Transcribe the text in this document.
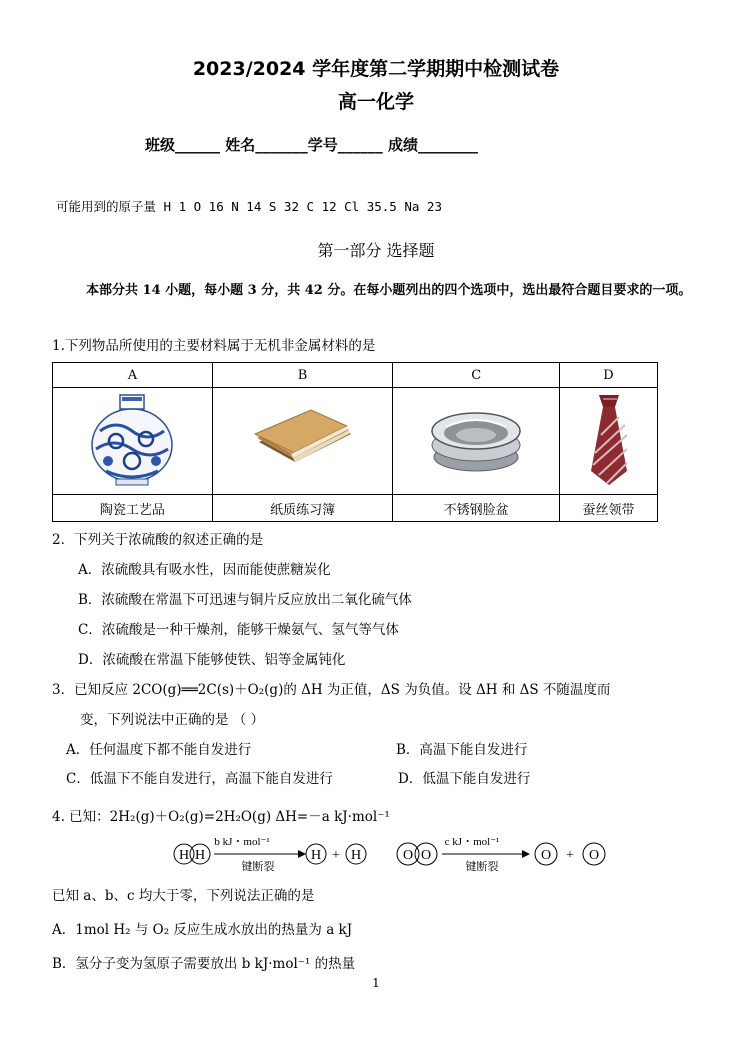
2023/2024 学年度第二学期期中检测试卷
高一化学
班级______ 姓名_______学号______ 成绩________
可能用到的原子量 H 1 O 16 N 14 S 32 C 12 Cl 35.5 Na 23
第一部分 选择题
本部分共 14 小题，每小题 3 分，共 42 分。在每小题列出的四个选项中，选出最符合题目要求的一项。
1.下列物品所使用的主要材料属于无机非金属材料的是
A	B	C	D

陶瓷工艺品	纸质练习簿	不锈钢脸盆	蚕丝领带
2．下列关于浓硫酸的叙述正确的是
A．浓硫酸具有吸水性，因而能使蔗糖炭化
B．浓硫酸在常温下可迅速与铜片反应放出二氧化硫气体
C．浓硫酸是一种干燥剂，能够干燥氨气、氢气等气体
D．浓硫酸在常温下能够使铁、铝等金属钝化
3．已知反应 2CO(g)══2C(s)＋O₂(g)的 ΔH 为正值，ΔS 为负值。设 ΔH 和 ΔS 不随温度而
变，下列说法中正确的是 （ ）
A．任何温度下都不能自发进行	B．高温下能自发进行
C．低温下不能自发进行，高温下能自发进行	D．低温下能自发进行
4. 已知：2H₂(g)＋O₂(g)=2H₂O(g) ΔH=－a kJ·mol⁻¹
H H
b kJ・mol⁻¹
键断裂
H + H	O O
c kJ・mol⁻¹
键断裂
O + O
已知 a、b、c 均大于零，下列说法正确的是
A．1mol H₂ 与 O₂ 反应生成水放出的热量为 a kJ
B．氢分子变为氢原子需要放出 b kJ·mol⁻¹ 的热量
1
